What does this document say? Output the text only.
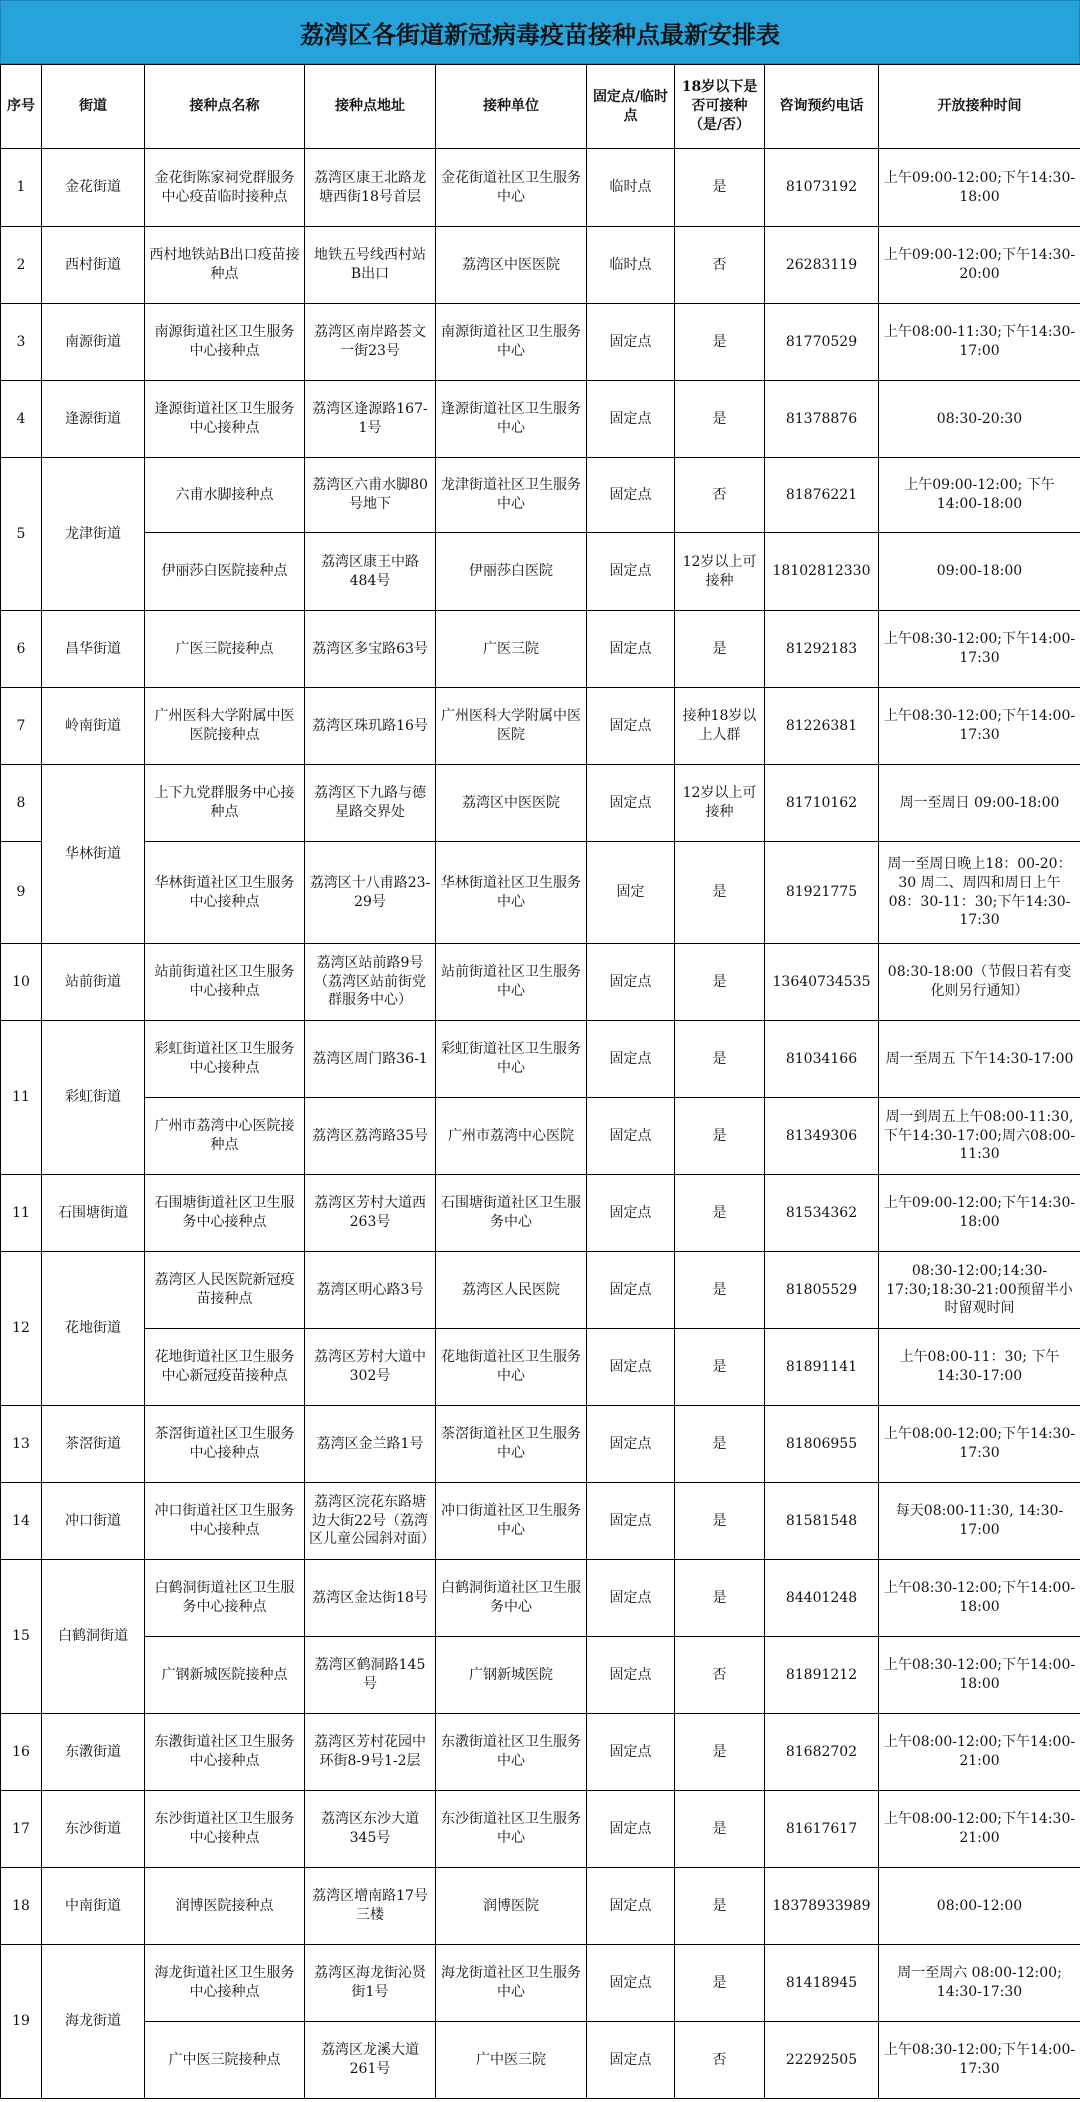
荔湾区各街道新冠病毒疫苗接种点最新安排表
序号	街道	接种点名称	接种点地址	接种单位	固定点/临时点	18岁以下是否可接种（是/否）	咨询预约电话	开放接种时间
1	金花街道	金花街陈家祠党群服务中心疫苗临时接种点	荔湾区康王北路龙塘西街18号首层	金花街道社区卫生服务中心	临时点	是	81073192	上午09:00-12:00;下午14:30-18:00
2	西村街道	西村地铁站B出口疫苗接种点	地铁五号线西村站B出口	荔湾区中医医院	临时点	否	26283119	上午09:00-12:00;下午14:30-20:00
3	南源街道	南源街道社区卫生服务中心接种点	荔湾区南岸路荟文一街23号	南源街道社区卫生服务中心	固定点	是	81770529	上午08:00-11:30;下午14:30-17:00
4	逢源街道	逢源街道社区卫生服务中心接种点	荔湾区逢源路167-1号	逢源街道社区卫生服务中心	固定点	是	81378876	08:30-20:30
5	龙津街道	六甫水脚接种点	荔湾区六甫水脚80号地下	龙津街道社区卫生服务中心	固定点	否	81876221	上午09:00-12:00; 下午14:00-18:00
		伊丽莎白医院接种点	荔湾区康王中路484号	伊丽莎白医院	固定点	12岁以上可接种	18102812330	09:00-18:00
6	昌华街道	广医三院接种点	荔湾区多宝路63号	广医三院	固定点	是	81292183	上午08:30-12:00;下午14:00-17:30
7	岭南街道	广州医科大学附属中医医院接种点	荔湾区珠玑路16号	广州医科大学附属中医医院	固定点	接种18岁以上人群	81226381	上午08:30-12:00;下午14:00-17:30
8	华林街道	上下九党群服务中心接种点	荔湾区下九路与德星路交界处	荔湾区中医医院	固定点	12岁以上可接种	81710162	周一至周日 09:00-18:00
9		华林街道社区卫生服务中心接种点	荔湾区十八甫路23-29号	华林街道社区卫生服务中心	固定	是	81921775	周一至周日晚上18：00-20：30 周二、周四和周日上午08：30-11：30;下午14:30-17:30
10	站前街道	站前街道社区卫生服务中心接种点	荔湾区站前路9号（荔湾区站前街党群服务中心）	站前街道社区卫生服务中心	固定点	是	13640734535	08:30-18:00（节假日若有变化则另行通知）
11	彩虹街道	彩虹街道社区卫生服务中心接种点	荔湾区周门路36-1	彩虹街道社区卫生服务中心	固定点	是	81034166	周一至周五 下午14:30-17:00
		广州市荔湾中心医院接种点	荔湾区荔湾路35号	广州市荔湾中心医院	固定点	是	81349306	周一到周五上午08:00-11:30,下午14:30-17:00;周六08:00-11:30
11	石围塘街道	石围塘街道社区卫生服务中心接种点	荔湾区芳村大道西263号	石围塘街道社区卫生服务中心	固定点	是	81534362	上午09:00-12:00;下午14:30-18:00
12	花地街道	荔湾区人民医院新冠疫苗接种点	荔湾区明心路3号	荔湾区人民医院	固定点	是	81805529	08:30-12:00;14:30-17:30;18:30-21:00预留半小时留观时间
		花地街道社区卫生服务中心新冠疫苗接种点	荔湾区芳村大道中302号	花地街道社区卫生服务中心	固定点	是	81891141	上午08:00-11：30; 下午14:30-17:00
13	茶滘街道	茶滘街道社区卫生服务中心接种点	荔湾区金兰路1号	茶滘街道社区卫生服务中心	固定点	是	81806955	上午08:00-12:00;下午14:30-17:30
14	冲口街道	冲口街道社区卫生服务中心接种点	荔湾区浣花东路塘边大街22号（荔湾区儿童公园斜对面）	冲口街道社区卫生服务中心	固定点	是	81581548	每天08:00-11:30, 14:30-17:00
15	白鹤洞街道	白鹤洞街道社区卫生服务中心接种点	荔湾区金达街18号	白鹤洞街道社区卫生服务中心	固定点	是	84401248	上午08:30-12:00;下午14:00-18:00
		广钢新城医院接种点	荔湾区鹤洞路145号	广钢新城医院	固定点	否	81891212	上午08:30-12:00;下午14:00-18:00
16	东漖街道	东漖街道社区卫生服务中心接种点	荔湾区芳村花园中环街8-9号1-2层	东漖街道社区卫生服务中心	固定点	是	81682702	上午08:00-12:00;下午14:00-21:00
17	东沙街道	东沙街道社区卫生服务中心接种点	荔湾区东沙大道345号	东沙街道社区卫生服务中心	固定点	是	81617617	上午08:00-12:00;下午14:30-21:00
18	中南街道	润博医院接种点	荔湾区增南路17号三楼	润博医院	固定点	是	18378933989	08:00-12:00
19	海龙街道	海龙街道社区卫生服务中心接种点	荔湾区海龙街沁贤街1号	海龙街道社区卫生服务中心	固定点	是	81418945	周一至周六 08:00-12:00; 14:30-17:30
		广中医三院接种点	荔湾区龙溪大道261号	广中医三院	固定点	否	22292505	上午08:30-12:00;下午14:00-17:30
